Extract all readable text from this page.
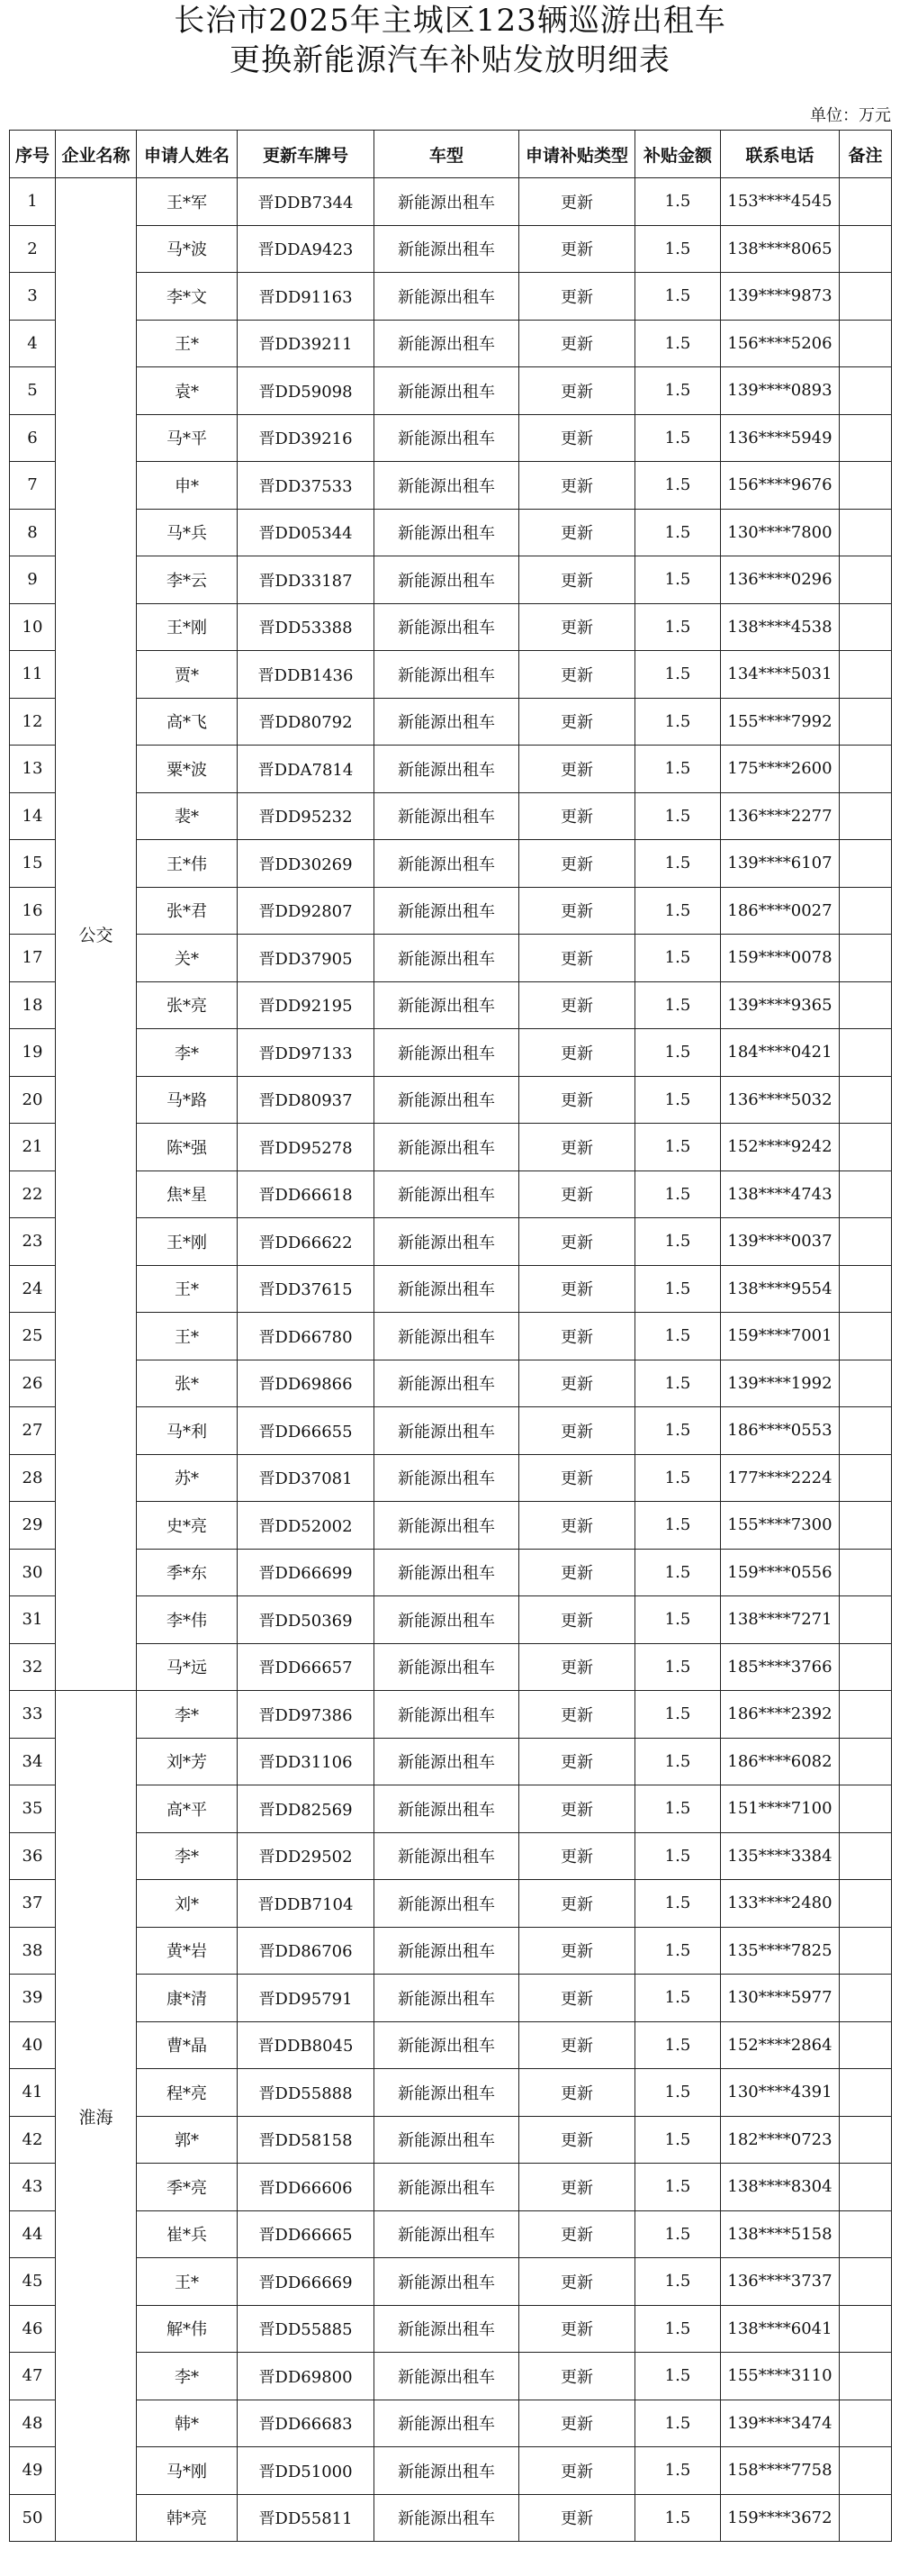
长治市2025年主城区123辆巡游出租车
更换新能源汽车补贴发放明细表
单位：万元
序号	企业名称	申请人姓名	更新车牌号	车型	申请补贴类型	补贴金额	联系电话	备注
1	公交	王*军	晋DDB7344	新能源出租车	更新	1.5	153****4545	
2		马*波	晋DDA9423	新能源出租车	更新	1.5	138****8065	
3		李*文	晋DD91163	新能源出租车	更新	1.5	139****9873	
4		王*	晋DD39211	新能源出租车	更新	1.5	156****5206	
5		袁*	晋DD59098	新能源出租车	更新	1.5	139****0893	
6		马*平	晋DD39216	新能源出租车	更新	1.5	136****5949	
7		申*	晋DD37533	新能源出租车	更新	1.5	156****9676	
8		马*兵	晋DD05344	新能源出租车	更新	1.5	130****7800	
9		李*云	晋DD33187	新能源出租车	更新	1.5	136****0296	
10		王*刚	晋DD53388	新能源出租车	更新	1.5	138****4538	
11		贾*	晋DDB1436	新能源出租车	更新	1.5	134****5031	
12		高*飞	晋DD80792	新能源出租车	更新	1.5	155****7992	
13		粟*波	晋DDA7814	新能源出租车	更新	1.5	175****2600	
14		裴*	晋DD95232	新能源出租车	更新	1.5	136****2277	
15		王*伟	晋DD30269	新能源出租车	更新	1.5	139****6107	
16		张*君	晋DD92807	新能源出租车	更新	1.5	186****0027	
17		关*	晋DD37905	新能源出租车	更新	1.5	159****0078	
18		张*亮	晋DD92195	新能源出租车	更新	1.5	139****9365	
19		李*	晋DD97133	新能源出租车	更新	1.5	184****0421	
20		马*路	晋DD80937	新能源出租车	更新	1.5	136****5032	
21		陈*强	晋DD95278	新能源出租车	更新	1.5	152****9242	
22		焦*星	晋DD66618	新能源出租车	更新	1.5	138****4743	
23		王*刚	晋DD66622	新能源出租车	更新	1.5	139****0037	
24		王*	晋DD37615	新能源出租车	更新	1.5	138****9554	
25		王*	晋DD66780	新能源出租车	更新	1.5	159****7001	
26		张*	晋DD69866	新能源出租车	更新	1.5	139****1992	
27		马*利	晋DD66655	新能源出租车	更新	1.5	186****0553	
28		苏*	晋DD37081	新能源出租车	更新	1.5	177****2224	
29		史*亮	晋DD52002	新能源出租车	更新	1.5	155****7300	
30		季*东	晋DD66699	新能源出租车	更新	1.5	159****0556	
31		李*伟	晋DD50369	新能源出租车	更新	1.5	138****7271	
32		马*远	晋DD66657	新能源出租车	更新	1.5	185****3766	
33	淮海	李*	晋DD97386	新能源出租车	更新	1.5	186****2392	
34		刘*芳	晋DD31106	新能源出租车	更新	1.5	186****6082	
35		高*平	晋DD82569	新能源出租车	更新	1.5	151****7100	
36		李*	晋DD29502	新能源出租车	更新	1.5	135****3384	
37		刘*	晋DDB7104	新能源出租车	更新	1.5	133****2480	
38		黄*岩	晋DD86706	新能源出租车	更新	1.5	135****7825	
39		康*清	晋DD95791	新能源出租车	更新	1.5	130****5977	
40		曹*晶	晋DDB8045	新能源出租车	更新	1.5	152****2864	
41		程*亮	晋DD55888	新能源出租车	更新	1.5	130****4391	
42		郭*	晋DD58158	新能源出租车	更新	1.5	182****0723	
43		季*亮	晋DD66606	新能源出租车	更新	1.5	138****8304	
44		崔*兵	晋DD66665	新能源出租车	更新	1.5	138****5158	
45		王*	晋DD66669	新能源出租车	更新	1.5	136****3737	
46		解*伟	晋DD55885	新能源出租车	更新	1.5	138****6041	
47		李*	晋DD69800	新能源出租车	更新	1.5	155****3110	
48		韩*	晋DD66683	新能源出租车	更新	1.5	139****3474	
49		马*刚	晋DD51000	新能源出租车	更新	1.5	158****7758	
50		韩*亮	晋DD55811	新能源出租车	更新	1.5	159****3672	
